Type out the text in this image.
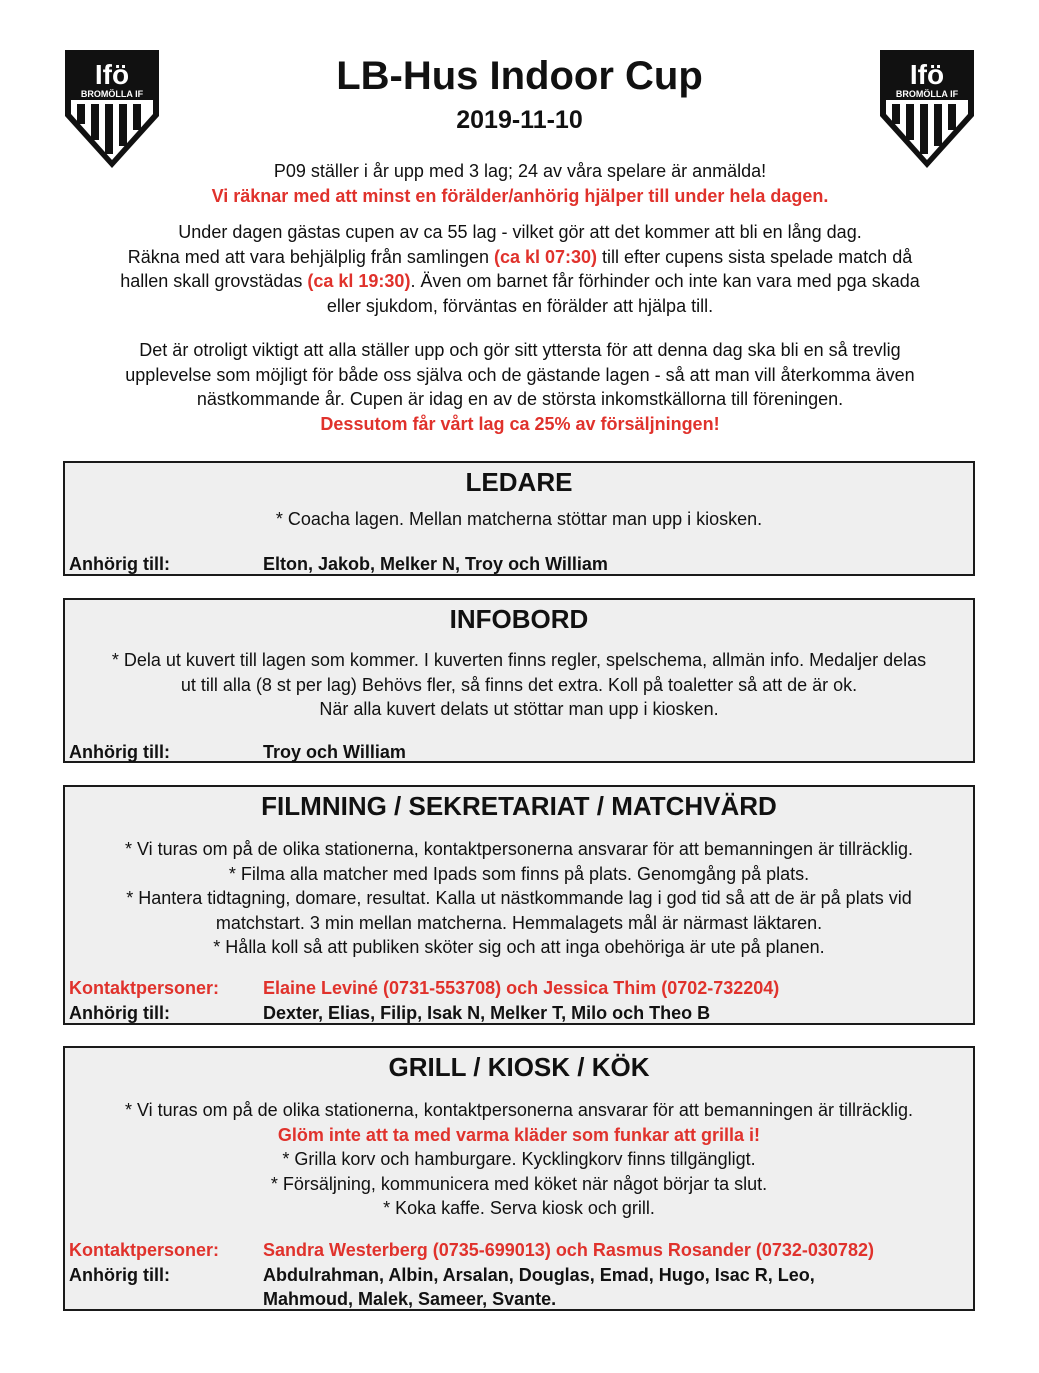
Ifö
BROMÖLLA IF
Ifö
BROMÖLLA IF
LB-Hus Indoor Cup
2019-11-10
P09 ställer i år upp med 3 lag; 24 av våra spelare är anmälda!
Vi räknar med att minst en förälder/anhörig hjälper till under hela dagen.
Under dagen gästas cupen av ca 55 lag - vilket gör att det kommer att bli en lång dag.
Räkna med att vara behjälplig från samlingen (ca kl 07:30) till efter cupens sista spelade match då
hallen skall grovstädas (ca kl 19:30). Även om barnet får förhinder och inte kan vara med pga skada
eller sjukdom, förväntas en förälder att hjälpa till.
Det är otroligt viktigt att alla ställer upp och gör sitt yttersta för att denna dag ska bli en så trevlig
upplevelse som möjligt för både oss själva och de gästande lagen - så att man vill återkomma även
nästkommande år. Cupen är idag en av de största inkomstkällorna till föreningen.
Dessutom får vårt lag ca 25% av försäljningen!
LEDARE
* Coacha lagen. Mellan matcherna stöttar man upp i kiosken.
Anhörig till:	Elton, Jakob, Melker N, Troy och William
INFOBORD
* Dela ut kuvert till lagen som kommer. I kuverten finns regler, spelschema, allmän info. Medaljer delas
ut till alla (8 st per lag) Behövs fler, så finns det extra. Koll på toaletter så att de är ok.
När alla kuvert delats ut stöttar man upp i kiosken.
Anhörig till:	Troy och William
FILMNING / SEKRETARIAT / MATCHVÄRD
* Vi turas om på de olika stationerna, kontaktpersonerna ansvarar för att bemanningen är tillräcklig.
* Filma alla matcher med Ipads som finns på plats. Genomgång på plats.
* Hantera tidtagning, domare, resultat. Kalla ut nästkommande lag i god tid så att de är på plats vid
matchstart. 3 min mellan matcherna. Hemmalagets mål är närmast läktaren.
* Hålla koll så att publiken sköter sig och att inga obehöriga är ute på planen.
Kontaktpersoner: Elaine Leviné (0731-553708) och Jessica Thim (0702-732204)
Anhörig till:	Dexter, Elias, Filip, Isak N, Melker T, Milo och Theo B
GRILL / KIOSK / KÖK
* Vi turas om på de olika stationerna, kontaktpersonerna ansvarar för att bemanningen är tillräcklig.
Glöm inte att ta med varma kläder som funkar att grilla i!
* Grilla korv och hamburgare. Kycklingkorv finns tillgängligt.
* Försäljning, kommunicera med köket när något börjar ta slut.
* Koka kaffe. Serva kiosk och grill.
Kontaktpersoner: Sandra Westerberg (0735-699013) och Rasmus Rosander (0732-030782)
Anhörig till:	Abdulrahman, Albin, Arsalan, Douglas, Emad, Hugo, Isac R, Leo,
Mahmoud, Malek, Sameer, Svante.
